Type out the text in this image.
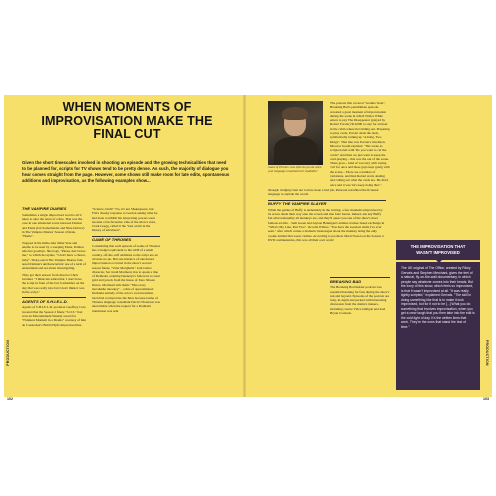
102	103
PRODUCTION	PRODUCTION
WHEN MOMENTS OF IMPROVISATION MAKE THE FINAL CUT
Given the short timescales involved in shooting an episode and the growing technicalities that need to be planned for, scripts for TV shows tend to be pretty dense. As such, the majority of dialogue you hear comes straight from the page. However, some shows still make room for late edits, spontaneous additions and improvisation, as the following examples show...
THE VAMPIRE DIARIES

Sometimes a single improvised word is all it takes to alter the tenor of a line. That was the case in one emotional scene between Damon and Elena (Ian Somerhalder and Nina Dobrev) in The Vampire Diaries' Season 4 finale, "Home".

Trapped in the limbo-like Other Side and unable to be seen by a weeping Elena, Damon tells her goodbye. She begs, "Please don't leave me," to which he replies, "I don't have a choice, baby". Sharp-eared The Vampire Diaries fans noted Damon's uncharacteristic use of a term of endearment and set about investigating.

They got their answer from director Chris Grismer. "I think Ian added that. I don't have the script in front of me but I remember on the day that was really nice but I don't think it was in the script."

AGENTS OF S.H.I.E.L.D.

Agents of S.H.I.E.L.D. producer Geoffrey Colo tweeted that the Season 2 finale "S.O.S." had won an Entertainment Weekly award for "Funniest Moment in a Drama" courtesy of Iain de Caestecker's Bobbi Hyde improvised line

"Science, bitch!" No, it's not Shakespeare, but Fitz's cheeky response to Gordon asking what he had done to inhibit his teleporting powers soon became a fan favourite. One of the show's stars, Clark Gregg, called it the "best ad lib in the history of television".

GAME OF THRONES

Considering that each episode of Game of Thrones has a budget equivalent to the GDP of a small country, off-the-cuff additions to the script are an obvious no-no. But one instance of sanctioned improvisation occurred in the show's second season finale, "Valar Morghulis". Iain Glen's character, Ser Jorah Mormont, has to speak a line of Dothraki, ordering Daenerys's followers to steal gold and jewels from the house of Xaro Xhoan Daxos. Mormont tells them: "Mas reavy movekkho mowkey" – a line of approximated Dothraki entirely of the actor's own invention. Glen had to improvise the lines because Game of Thrones language consultant David J Peterson was unavailable when the request for a Dothraki translation was sent

Game of Thrones' cast often do you do when your language consultant isn't available?

through. Judging Glen not to have done a bad job, Peterson retrofitted the fictional language to explain the words.

BUFFY THE VAMPIRE SLAYER

While the genius of Buffy is undeniably in the writing, a few moments improvised by its actors made their way onto the screen and into fans' hearts. Indeed, ask any Buffy fan what nationality all monkeys are, and they'll quote you one of the show's most famous ad-libs – Seth Green and Alyson Hannigan's animal-cracker-based exchange in "What's My Line, Part Two". Oz tells Willow, "You have the sweetest smile I've ever seen," after which comes a dramatic monologue about the monkey being the only cookie animal that wears clothes. According to producer Marti Noxon on the Season 4 DVD commentaries, this was all their own work!

The podcast that covered "Granite State", Breaking Bad's penultimate episode, revealed a great moment of improvisation during the scene in which Walter White enters to pay The Disappearer (played by Robert Forster) $10,000 to stay for an hour in the cabin where he's hiding out. Preparing to play cards, Forster deals the deck, symbolically turning up "A King, Two Kings". That line was Forster's invention. Director Gould explains: "The scene as scripted ends with 'Do you want to cut the cards?' And then we just want to keep the card-playing... that was the out of the scene. There goes... kind of was lazy with saying 'cut' for once and these guys kept going with the scene... There are a number of variations, and then Robert starts dealing and calling out what the cards are. He did it once and it was 'let's keep doing that'."

BREAKING BAD

The Breaking Bad Insider podcast was essential listening for fans during the show's run and beyond. Episodes of the podcast are long, in-depth and packed with interesting discussion from the drama's makers, including creator Vince Gilligan and lead Bryan Cranston.

THE IMPROVISATION THAT
WASN'T IMPROVISED
The UK original of The Office, created by Ricky Gervais and Stephen Merchant, gives the feel of a natural, fly-on-the-wall documentary, in which people say whatever comes into their heads. But the irony of this show, which feels so improvised, is that it wasn't improvised at all. "It was really tightly scripted," explained Gervais. "The skill in doing something like that is to make it look improvised, but for it not to be [...] What you do something that involves improvisation, when you get a crew laugh that you then take into the edit is the cold light of day. It's the written lines that work. They're the ones that stand the test of time."
